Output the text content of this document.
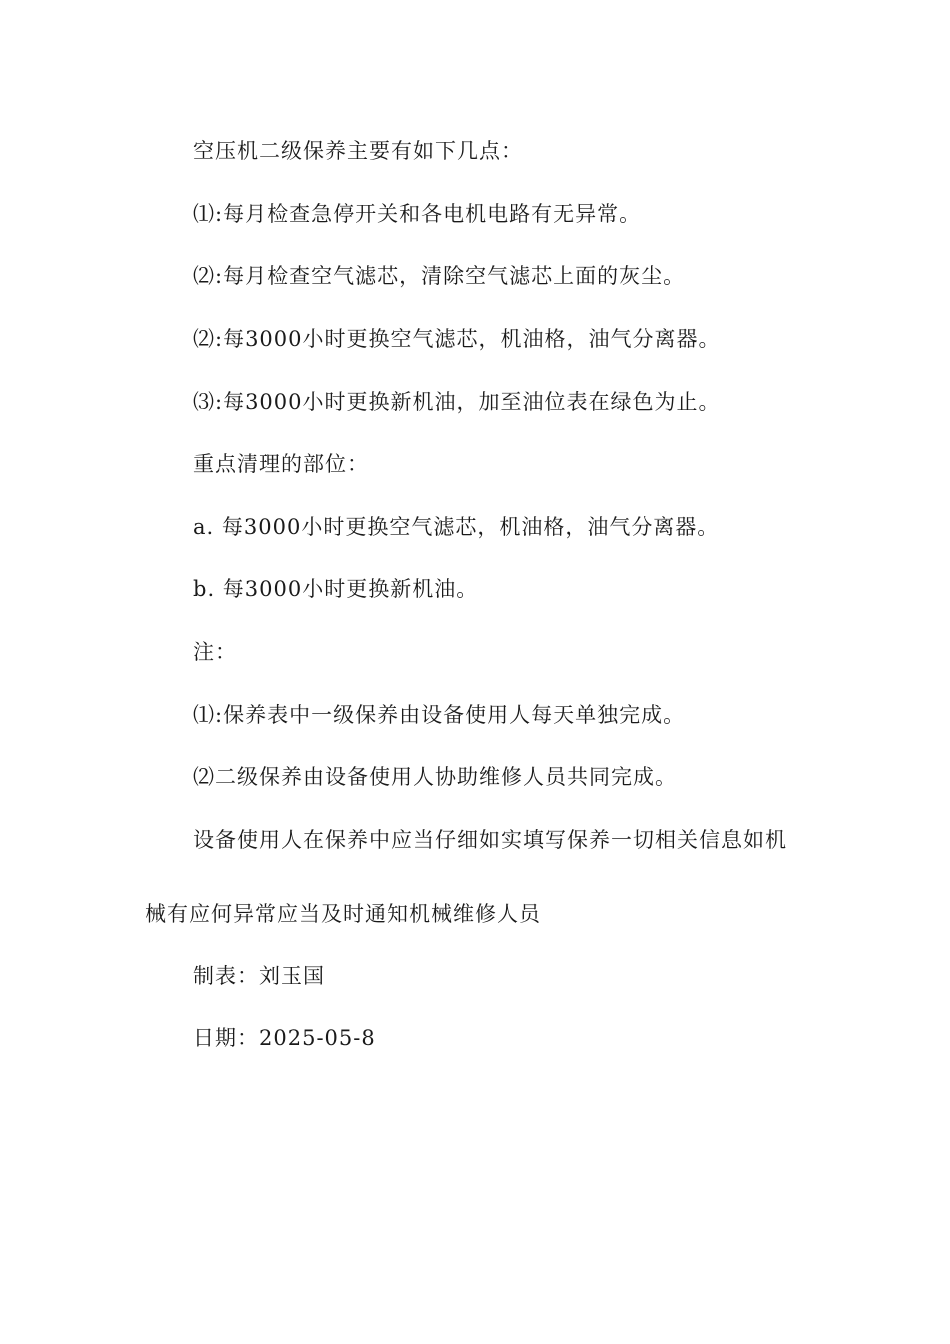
空压机二级保养主要有如下几点：
⑴:每月检查急停开关和各电机电路有无异常。
⑵:每月检查空气滤芯，清除空气滤芯上面的灰尘。
⑵:每3000小时更换空气滤芯，机油格，油气分离器。
⑶:每3000小时更换新机油，加至油位表在绿色为止。
重点清理的部位：
a. 每3000小时更换空气滤芯，机油格，油气分离器。
b. 每3000小时更换新机油。
注：
⑴:保养表中一级保养由设备使用人每天单独完成。
⑵二级保养由设备使用人协助维修人员共同完成。
设备使用人在保养中应当仔细如实填写保养一切相关信息如机
械有应何异常应当及时通知机械维修人员
制表：刘玉国
日期：2025-05-8
